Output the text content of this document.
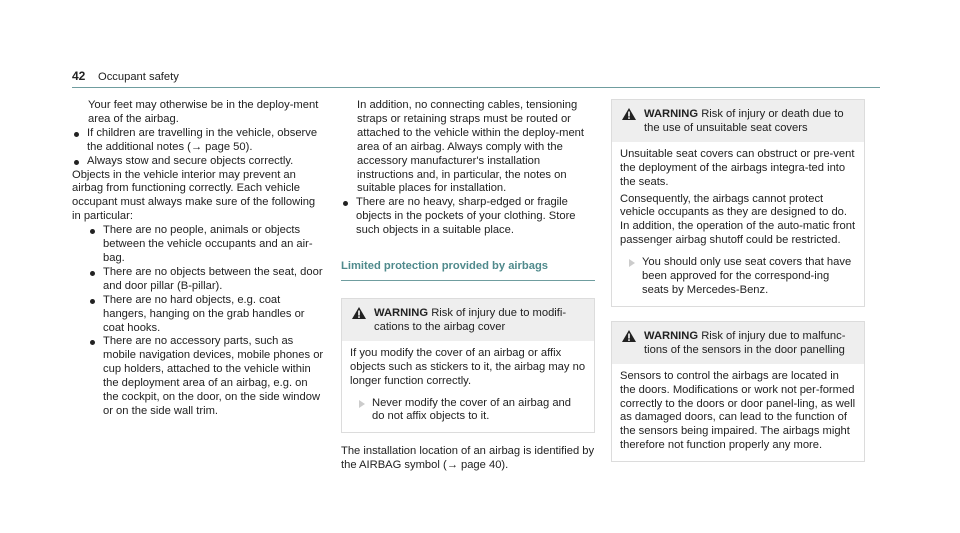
42 Occupant safety

Your feet may otherwise be in the deploy-ment area of the airbag.

If children are travelling in the vehicle, observe the additional notes (→ page 50).
Always stow and secure objects correctly.

Objects in the vehicle interior may prevent an airbag from functioning correctly. Each vehicle occupant must always make sure of the following in particular:

There are no people, animals or objects between the vehicle occupants and an air-bag.
There are no objects between the seat, door and door pillar (B-pillar).
There are no hard objects, e.g. coat hangers, hanging on the grab handles or coat hooks.
There are no accessory parts, such as mobile navigation devices, mobile phones or cup holders, attached to the vehicle within the deployment area of an airbag, e.g. on the cockpit, on the door, on the side window or on the side wall trim.

In addition, no connecting cables, tensioning straps or retaining straps must be routed or attached to the vehicle within the deploy-ment area of an airbag. Always comply with the accessory manufacturer's installation instructions and, in particular, the notes on suitable places for installation.

There are no heavy, sharp-edged or fragile objects in the pockets of your clothing. Store such objects in a suitable place.

Limited protection provided by airbags

WARNING Risk of injury due to modifi-cations to the airbag cover

If you modify the cover of an airbag or affix objects such as stickers to it, the airbag may no longer function correctly.

Never modify the cover of an airbag and do not affix objects to it.

The installation location of an airbag is identified by the AIRBAG symbol (→ page 40).

WARNING Risk of injury or death due to the use of unsuitable seat covers

Unsuitable seat covers can obstruct or pre-vent the deployment of the airbags integra-ted into the seats.

Consequently, the airbags cannot protect vehicle occupants as they are designed to do. In addition, the operation of the auto-matic front passenger airbag shutoff could be restricted.

You should only use seat covers that have been approved for the correspond-ing seats by Mercedes-Benz.
WARNING Risk of injury due to malfunc-tions of the sensors in the door panelling

Sensors to control the airbags are located in the doors. Modifications or work not per-formed correctly to the doors or door panel-ling, as well as damaged doors, can lead to the function of the sensors being impaired. The airbags might therefore not function properly any more.
